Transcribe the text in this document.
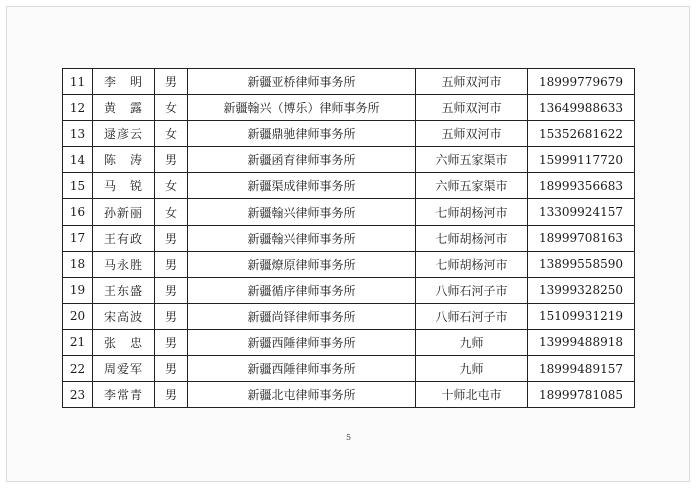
11	李　明	男	新疆亚桥律师事务所	五师双河市	18999779679
12	黄　露	女	新疆翰兴（博乐）律师事务所	五师双河市	13649988633
13	逯彦云	女	新疆鼎驰律师事务所	五师双河市	15352681622
14	陈　涛	男	新疆函育律师事务所	六师五家渠市	15999117720
15	马　锐	女	新疆渠成律师事务所	六师五家渠市	18999356683
16	孙新丽	女	新疆翰兴律师事务所	七师胡杨河市	13309924157
17	王有政	男	新疆翰兴律师事务所	七师胡杨河市	18999708163
18	马永胜	男	新疆燎原律师事务所	七师胡杨河市	13899558590
19	王东盛	男	新疆循序律师事务所	八师石河子市	13999328250
20	宋高波	男	新疆尚铎律师事务所	八师石河子市	15109931219
21	张　忠	男	新疆西陲律师事务所	九师	13999488918
22	周爱军	男	新疆西陲律师事务所	九师	18999489157
23	李常青	男	新疆北屯律师事务所	十师北屯市	18999781085
5
